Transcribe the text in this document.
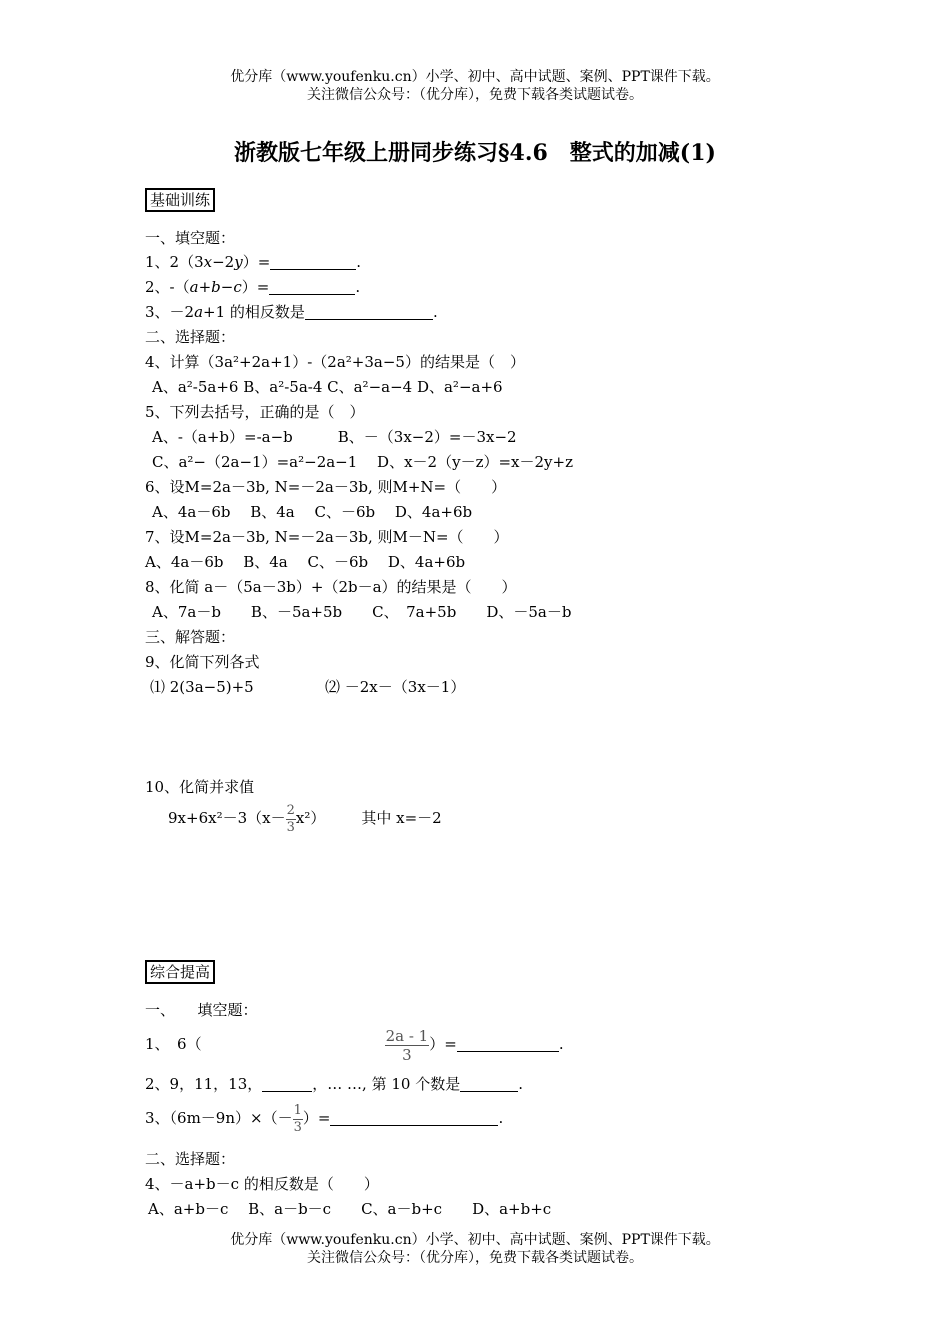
优分库（www.youfenku.cn）小学、初中、高中试题、案例、PPT课件下载。
关注微信公众号：（优分库），免费下载各类试题试卷。
浙教版七年级上册同步练习§4.6　整式的加减(1)
基础训练
一、填空题：
1、2（3x−2y）=	.
2、-（a+b−c）=	.
3、－2a+1 的相反数是	.
二、选择题：
4、计算（3a²+2a+1）-（2a²+3a−5）的结果是（　）
A、a²-5a+6 B、a²-5a-4 C、a²−a−4 D、a²−a+6
5、下列去括号，正确的是（　）
A、-（a+b）=-a−b　　　B、－（3x−2）=－3x−2
C、a²−（2a−1）=a²−2a−1　 D、x－2（y－z）=x－2y+z
6、设M=2a－3b, N=－2a－3b, 则M+N=（　　）
A、4a－6b　 B、4a　 C、－6b　 D、4a+6b
7、设M=2a－3b, N=－2a－3b, 则M－N=（　　）
A、4a－6b　 B、4a　 C、－6b　 D、4a+6b
8、化简 a－（5a－3b）+（2b－a）的结果是（　　）
A、7a－b　　B、－5a+5b　　C、　7a+5b　　D、－5a－b
三、解答题：
9、化简下列各式
⑴ 2(3a−5)+5	⑵ －2x－（3x－1）
10、化简并求值
$9x+6x^2-3(x- \frac{2}{3} x^2)$ 其中 x=－2
综合提高
一、　　填空题：
1、　6（	$\frac{2a - 1}{3}$ ）=	.
2、9，11，13，	，… …, 第 10 个数是	.
3、$(6m-9n)\times(- \frac{1}{3}$ ）=	.
二、选择题：
4、－a+b－c 的相反数是（　　）
A、a+b－c　 B、a－b－c　　C、a－b+c　　D、a+b+c
优分库（www.youfenku.cn）小学、初中、高中试题、案例、PPT课件下载。
关注微信公众号：（优分库），免费下载各类试题试卷。
